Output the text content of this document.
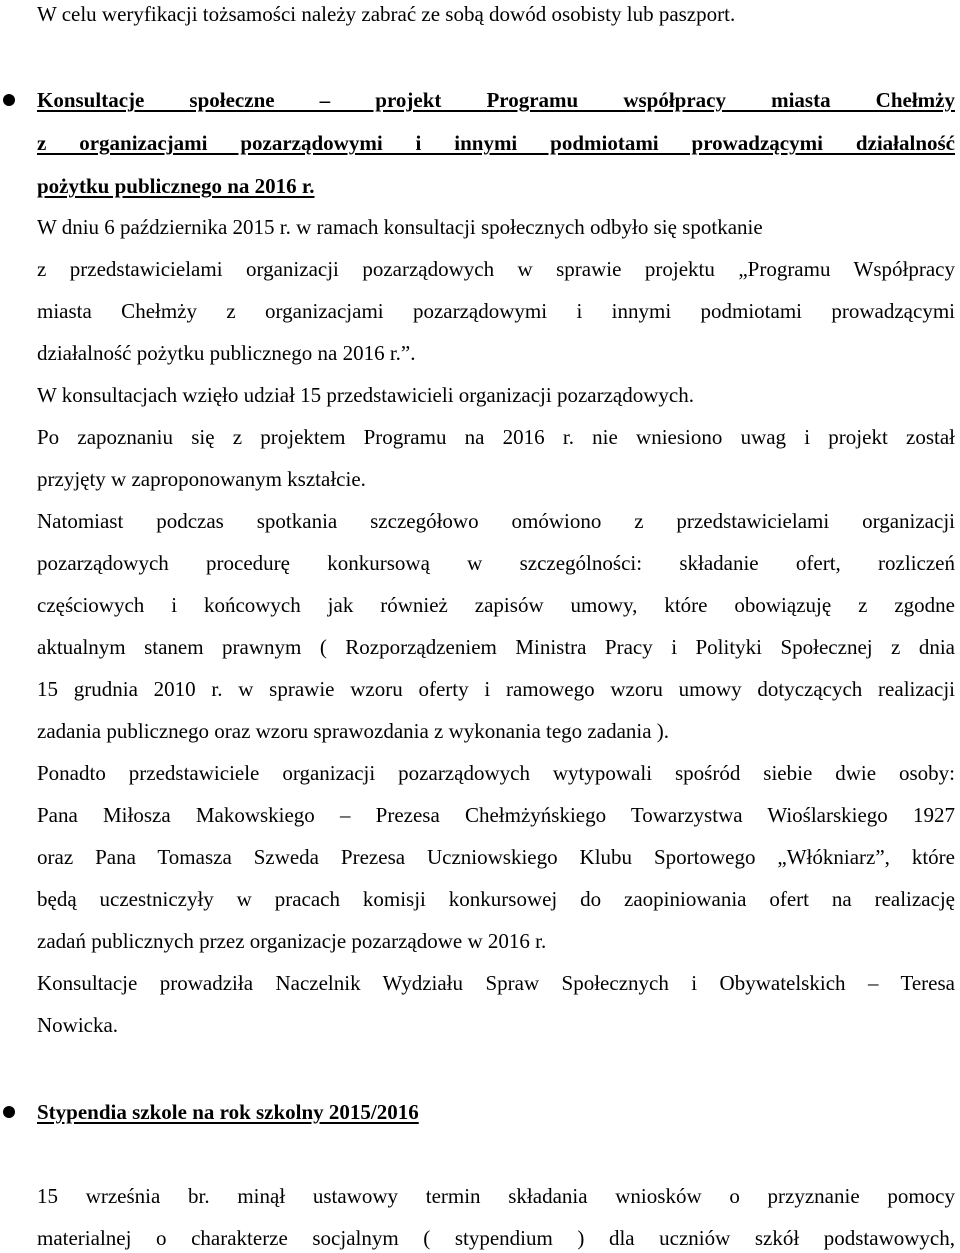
W celu weryfikacji tożsamości należy zabrać ze sobą dowód osobisty lub paszport.
Konsultacje społeczne – projekt Programu współpracy miasta Chełmży
z organizacjami pozarządowymi i innymi podmiotami prowadzącymi działalność
pożytku publicznego na 2016 r.
W dniu 6 października 2015 r. w ramach konsultacji społecznych odbyło się spotkanie
z przedstawicielami organizacji pozarządowych w sprawie projektu „Programu Współpracy
miasta Chełmży z organizacjami pozarządowymi i innymi podmiotami prowadzącymi
działalność pożytku publicznego na 2016 r.”.
W konsultacjach wzięło udział 15 przedstawicieli organizacji pozarządowych.
Po zapoznaniu się z projektem Programu na 2016 r. nie wniesiono uwag i projekt został
przyjęty w zaproponowanym kształcie.
Natomiast podczas spotkania szczegółowo omówiono z przedstawicielami organizacji
pozarządowych procedurę konkursową w szczególności: składanie ofert, rozliczeń
częściowych i końcowych jak również zapisów umowy, które obowiązuję z zgodne
aktualnym stanem prawnym ( Rozporządzeniem Ministra Pracy i Polityki Społecznej z dnia
15 grudnia 2010 r. w sprawie wzoru oferty i ramowego wzoru umowy dotyczących realizacji
zadania publicznego oraz wzoru sprawozdania z wykonania tego zadania ).
Ponadto przedstawiciele organizacji pozarządowych wytypowali spośród siebie dwie osoby:
Pana Miłosza Makowskiego – Prezesa Chełmżyńskiego Towarzystwa Wioślarskiego 1927
oraz Pana Tomasza Szweda Prezesa Uczniowskiego Klubu Sportowego „Włókniarz”, które
będą uczestniczyły w pracach komisji konkursowej do zaopiniowania ofert na realizację
zadań publicznych przez organizacje pozarządowe w 2016 r.
Konsultacje prowadziła Naczelnik Wydziału Spraw Społecznych i Obywatelskich – Teresa
Nowicka.
Stypendia szkole na rok szkolny 2015/2016
15 września br. minął ustawowy termin składania wniosków o przyznanie pomocy
materialnej o charakterze socjalnym ( stypendium ) dla uczniów szkół podstawowych,
